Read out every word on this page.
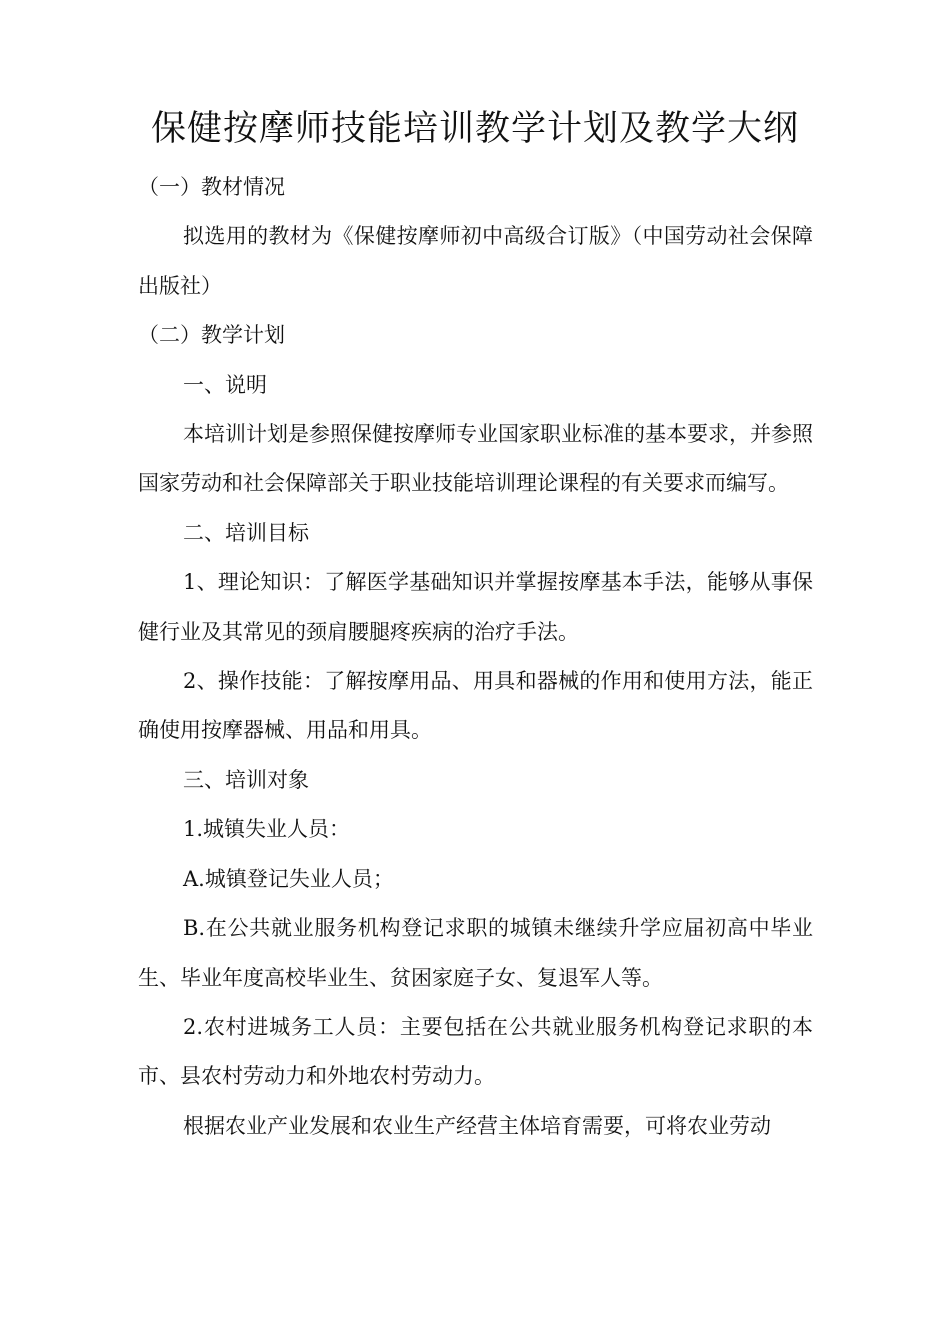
保健按摩师技能培训教学计划及教学大纲

（一）教材情况

拟选用的教材为《保健按摩师初中高级合订版》（中国劳动社会保障出版社）

（二）教学计划

一、说明

本培训计划是参照保健按摩师专业国家职业标准的基本要求，并参照国家劳动和社会保障部关于职业技能培训理论课程的有关要求而编写。

二、培训目标

1、理论知识：了解医学基础知识并掌握按摩基本手法，能够从事保健行业及其常见的颈肩腰腿疼疾病的治疗手法。

2、操作技能：了解按摩用品、用具和器械的作用和使用方法，能正确使用按摩器械、用品和用具。

三、培训对象

1.城镇失业人员：

A.城镇登记失业人员；

B.在公共就业服务机构登记求职的城镇未继续升学应届初高中毕业生、毕业年度高校毕业生、贫困家庭子女、复退军人等。

2.农村进城务工人员：主要包括在公共就业服务机构登记求职的本市、县农村劳动力和外地农村劳动力。

根据农业产业发展和农业生产经营主体培育需要，可将农业劳动
